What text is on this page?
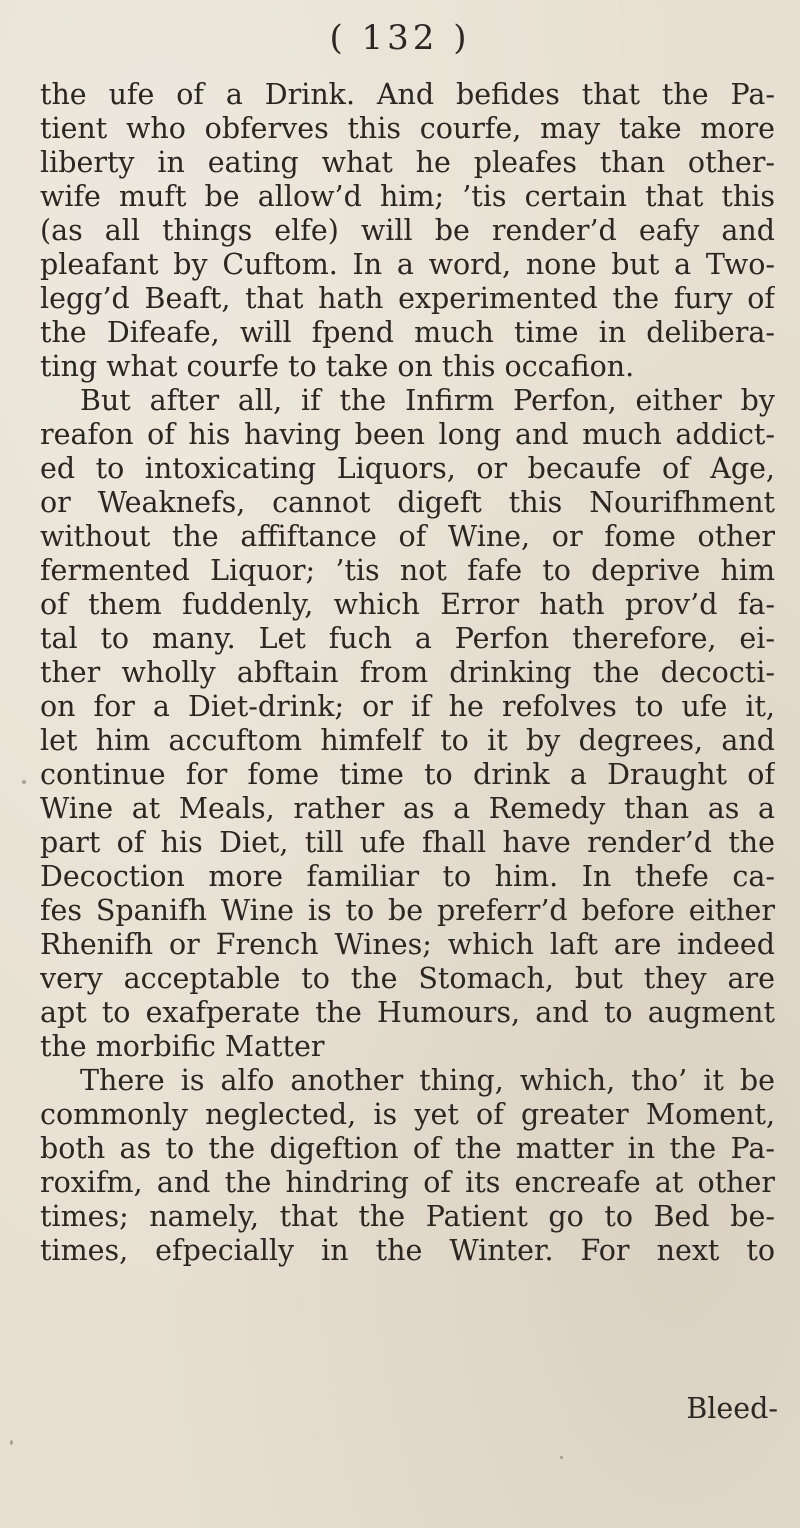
( 132 )
the ufe of a Drink. And befides that the Pa-
tient who obferves this courfe, may take more
liberty in eating what he pleafes than other-
wife muft be allow’d him; ’tis certain that this
(as all things elfe) will be render’d eafy and
pleafant by Cuftom. In a word, none but a Two-
legg’d Beaft, that hath experimented the fury of
the Difeafe, will fpend much time in delibera-
ting what courfe to take on this occafion.
But after all, if the Infirm Perfon, either by
reafon of his having been long and much addict-
ed to intoxicating Liquors, or becaufe of Age,
or Weaknefs, cannot digeft this Nourifhment
without the affiftance of Wine, or fome other
fermented Liquor; ’tis not fafe to deprive him
of them fuddenly, which Error hath prov’d fa-
tal to many. Let fuch a Perfon therefore, ei-
ther wholly abftain from drinking the decocti-
on for a Diet-drink; or if he refolves to ufe it,
let him accuftom himfelf to it by degrees, and
continue for fome time to drink a Draught of
Wine at Meals, rather as a Remedy than as a
part of his Diet, till ufe fhall have render’d the
Decoction more familiar to him. In thefe ca-
fes Spanifh Wine is to be preferr’d before either
Rhenifh or French Wines; which laft are indeed
very acceptable to the Stomach, but they are
apt to exafperate the Humours, and to augment
the morbific Matter
There is alfo another thing, which, tho’ it be
commonly neglected, is yet of greater Moment,
both as to the digeftion of the matter in the Pa-
roxifm, and the hindring of its encreafe at other
times; namely, that the Patient go to Bed be-
times, efpecially in the Winter. For next to
Bleed-
